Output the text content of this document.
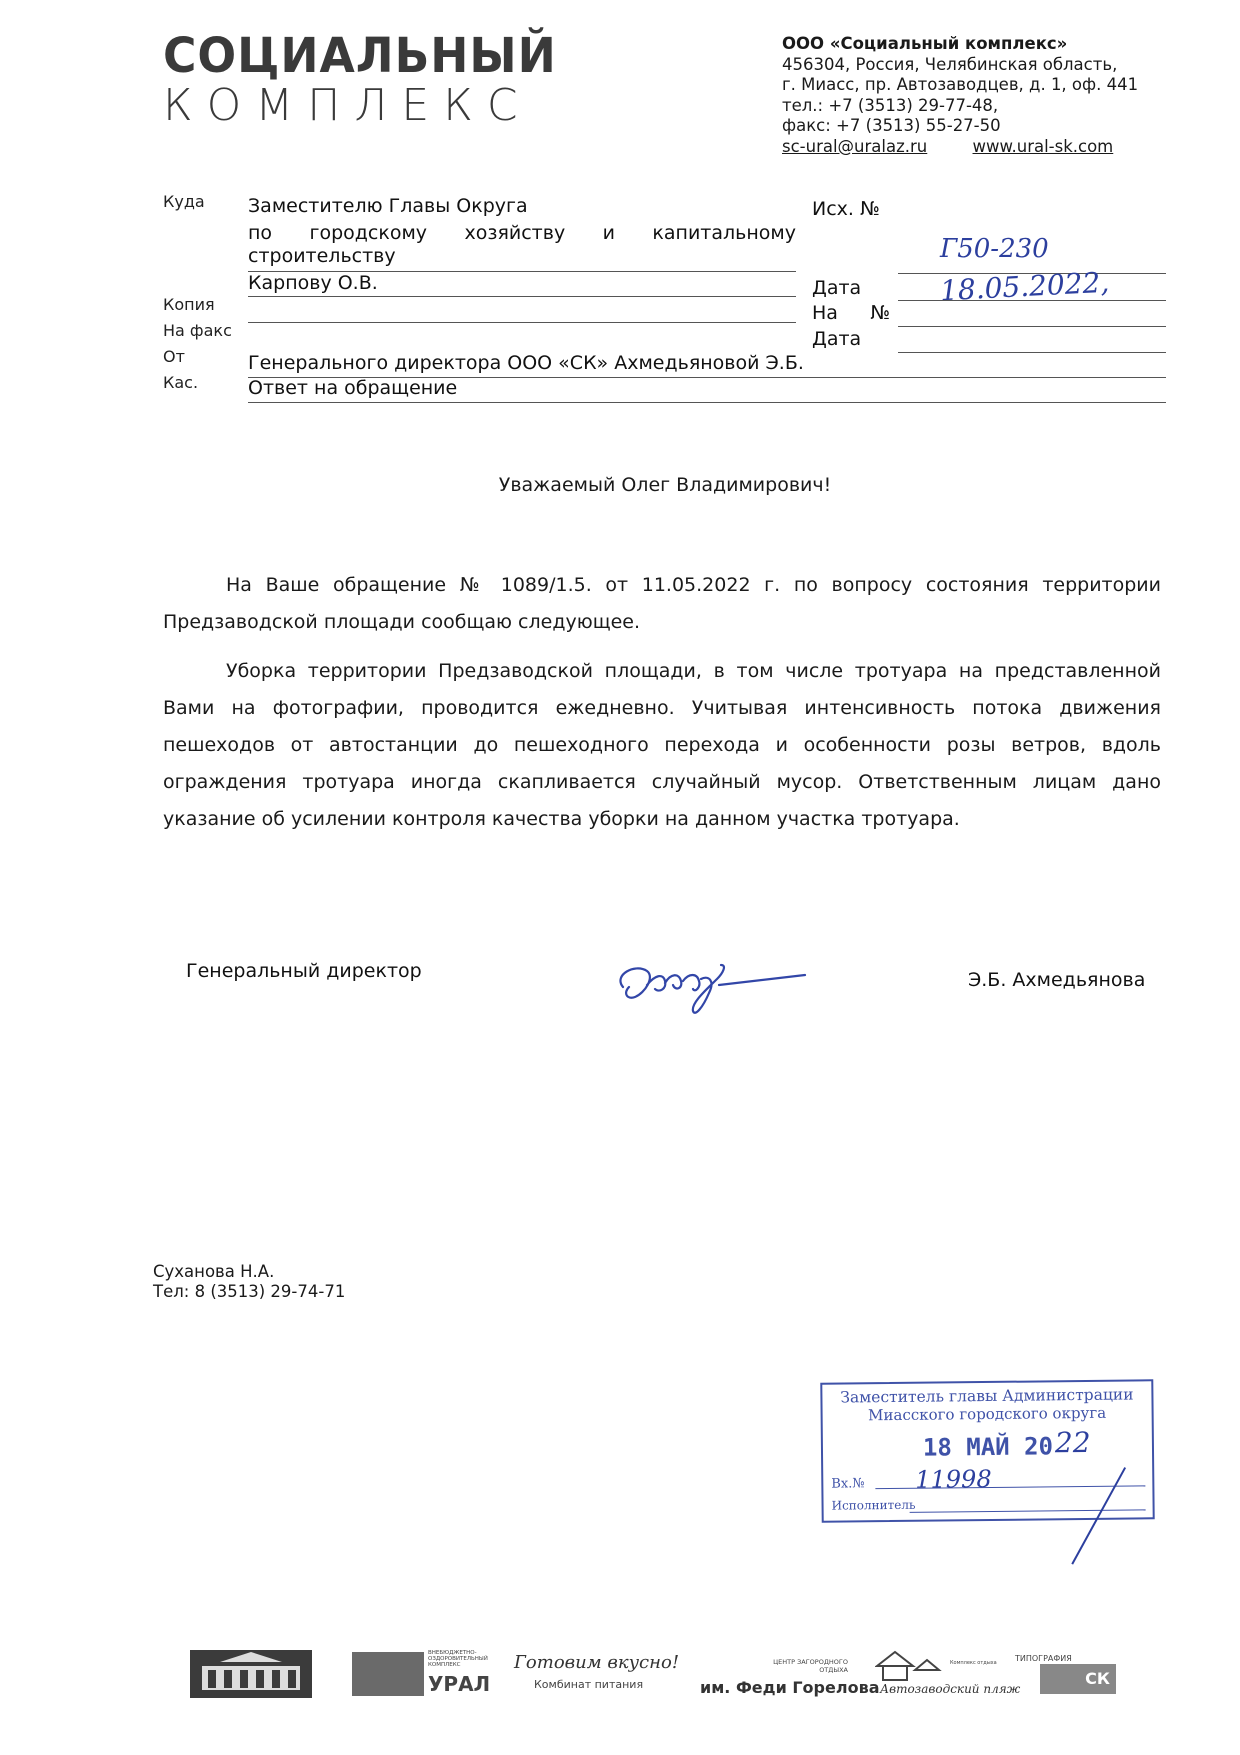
СОЦИАЛЬНЫЙ
КОМПЛЕКС
ООО «Социальный комплекс»
456304, Россия, Челябинская область,
г. Миасс, пр. Автозаводцев, д. 1, оф. 441
тел.: +7 (3513) 29-77-48,
факс: +7 (3513) 55-27-50
sc-ural@uralaz.ru	www.ural-sk.com
Куда Заместителю Главы Округа
по городскому хозяйству и капитальному
строительству
Карпову О.В.
Копия
На факс
От	Генерального директора ООО «СК» Ахмедьяновой Э.Б.
Кас.	Ответ на обращение
Исх. №
Г50-230
Дата	18.05.2022,
На №
Дата
Уважаемый Олег Владимирович!

На Ваше обращение № 1089/1.5. от 11.05.2022 г. по вопросу состояния территории Предзаводской площади сообщаю следующее.

Уборка территории Предзаводской площади, в том числе тротуара на представленной Вами на фотографии, проводится ежедневно. Учитывая интенсивность потока движения пешеходов от автостанции до пешеходного перехода и особенности розы ветров, вдоль ограждения тротуара иногда скапливается случайный мусор. Ответственным лицам дано указание об усилении контроля качества уборки на данном участка тротуара.

Генеральный директор	Э.Б. Ахмедьянова
Суханова Н.А.
Тел: 8 (3513) 29-74-71
Заместитель главы Администрации
Миасского городского округа
18 МАЙ 20 22
Вх.№ 11998
Исполнитель
ВНЕБЮДЖЕТНО-ОЗДОРОВИТЕЛЬНЫЙ КОМПЛЕКС
УРАЛ
Готовим вкусно!
Комбинат питания
ЦЕНТР ЗАГОРОДНОГО ОТДЫХА
им. Феди Горелова
Комплекс отдыха
Автозаводский пляж
ТИПОГРАФИЯ
СК
